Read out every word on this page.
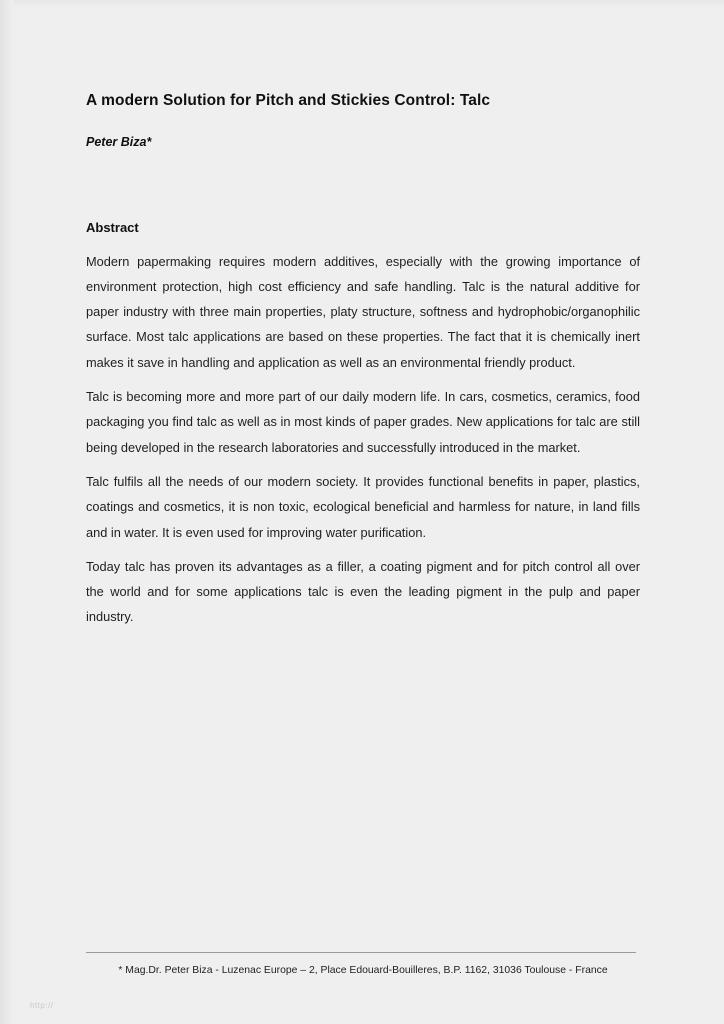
A modern Solution for Pitch and Stickies Control: Talc
Peter Biza*
Abstract

Modern papermaking requires modern additives, especially with the growing importance of environment protection, high cost efficiency and safe handling. Talc is the natural additive for paper industry with three main properties, platy structure, softness and hydrophobic/organophilic surface. Most talc applications are based on these properties. The fact that it is chemically inert makes it save in handling and application as well as an environmental friendly product.

Talc is becoming more and more part of our daily modern life. In cars, cosmetics, ceramics, food packaging you find talc as well as in most kinds of paper grades. New applications for talc are still being developed in the research laboratories and successfully introduced in the market.

Talc fulfils all the needs of our modern society. It provides functional benefits in paper, plastics, coatings and cosmetics, it is non toxic, ecological beneficial and harmless for nature, in land fills and in water. It is even used for improving water purification.

Today talc has proven its advantages as a filler, a coating pigment and for pitch control all over the world and for some applications talc is even the leading pigment in the pulp and paper industry.

* Mag.Dr. Peter Biza - Luzenac Europe – 2, Place Edouard-Bouilleres, B.P. 1162, 31036 Toulouse - France
http://
